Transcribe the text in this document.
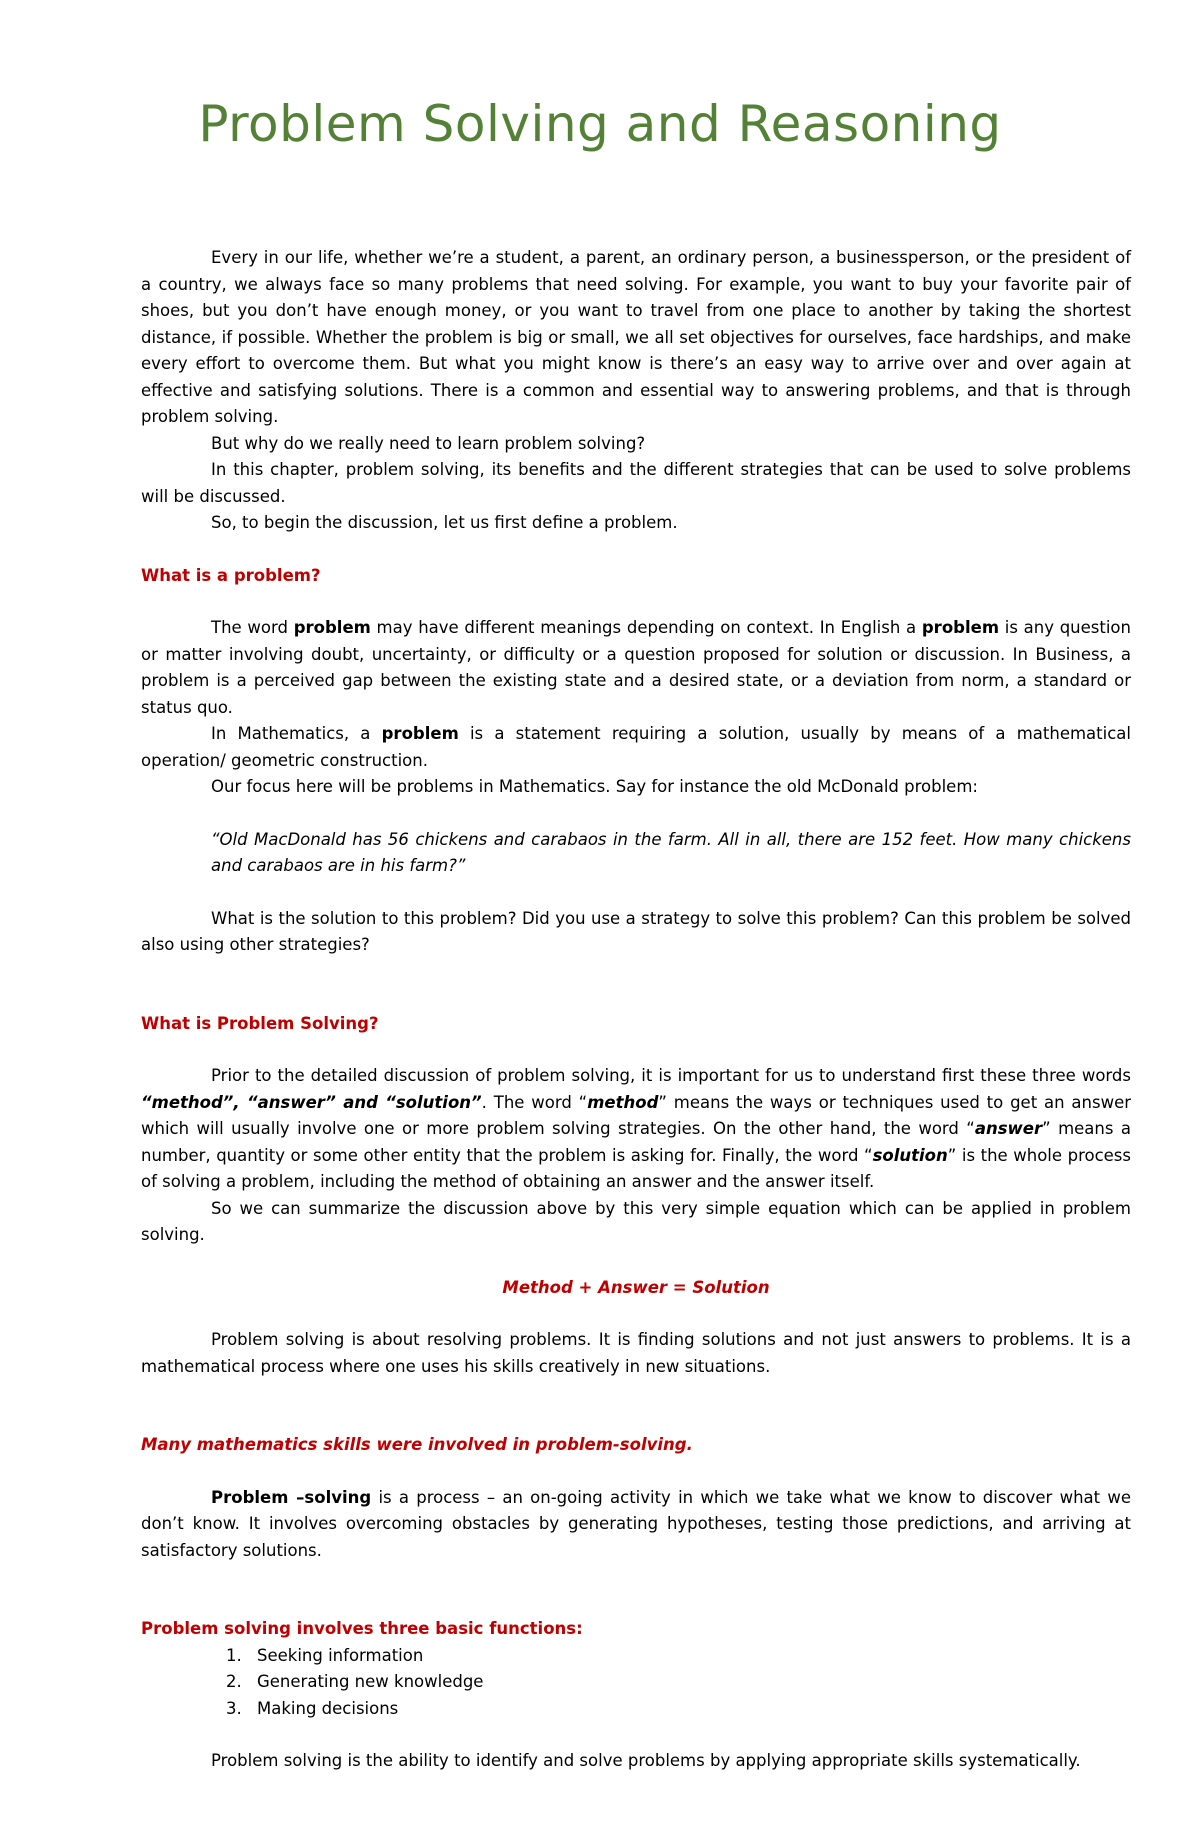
Problem Solving and Reasoning

Every in our life, whether we’re a student, a parent, an ordinary person, a businessperson, or the president of a country, we always face so many problems that need solving. For example, you want to buy your favorite pair of shoes, but you don’t have enough money, or you want to travel from one place to another by taking the shortest distance, if possible. Whether the problem is big or small, we all set objectives for ourselves, face hardships, and make every effort to overcome them. But what you might know is there’s an easy way to arrive over and over again at effective and satisfying solutions. There is a common and essential way to answering problems, and that is through problem solving.

But why do we really need to learn problem solving?

In this chapter, problem solving, its benefits and the different strategies that can be used to solve problems will be discussed.

So, to begin the discussion, let us first define a problem.

What is a problem?

The word problem may have different meanings depending on context. In English a problem is any question or matter involving doubt, uncertainty, or difficulty or a question proposed for solution or discussion. In Business, a problem is a perceived gap between the existing state and a desired state, or a deviation from norm, a standard or status quo.

In Mathematics, a problem is a statement requiring a solution, usually by means of a mathematical operation/ geometric construction.

Our focus here will be problems in Mathematics. Say for instance the old McDonald problem:

“Old MacDonald has 56 chickens and carabaos in the farm. All in all, there are 152 feet. How many chickens and carabaos are in his farm?”

What is the solution to this problem? Did you use a strategy to solve this problem? Can this problem be solved also using other strategies?

What is Problem Solving?

Prior to the detailed discussion of problem solving, it is important for us to understand first these three words “method”, “answer” and “solution”. The word “method” means the ways or techniques used to get an answer which will usually involve one or more problem solving strategies. On the other hand, the word “answer” means a number, quantity or some other entity that the problem is asking for. Finally, the word “solution” is the whole process of solving a problem, including the method of obtaining an answer and the answer itself.

So we can summarize the discussion above by this very simple equation which can be applied in problem solving.

Method + Answer = Solution

Problem solving is about resolving problems. It is finding solutions and not just answers to problems. It is a mathematical process where one uses his skills creatively in new situations.

Many mathematics skills were involved in problem-solving.

Problem –solving is a process – an on-going activity in which we take what we know to discover what we don’t know. It involves overcoming obstacles by generating hypotheses, testing those predictions, and arriving at satisfactory solutions.

Problem solving involves three basic functions:

1. Seeking information
2. Generating new knowledge
3. Making decisions

Problem solving is the ability to identify and solve problems by applying appropriate skills systematically.
